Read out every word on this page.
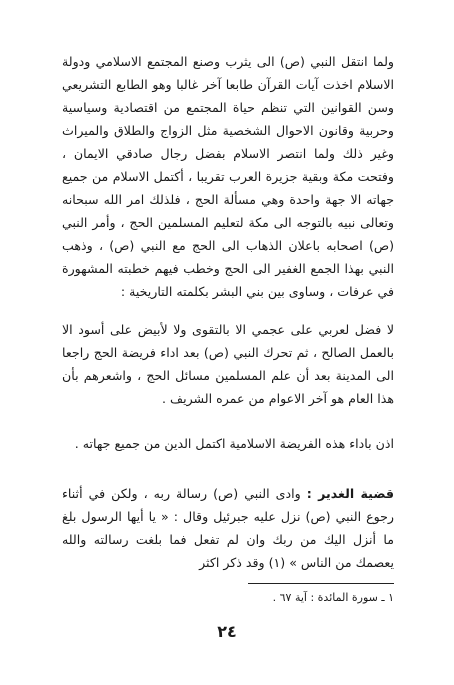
ولما انتقل النبي (ص) الى يثرب وصنع المجتمع الاسلامي ودولة الاسلام اخذت آيات القرآن طابعا آخر غالبا وهو الطابع التشريعي وسن القوانين التي تنظم حياة المجتمع من اقتصادية وسياسية وحربية وقانون الاحوال الشخصية مثل الزواج والطلاق والميراث وغير ذلك ولما انتصر الاسلام بفضل رجال صادقي الايمان ، وفتحت مكة وبقية جزيرة العرب تقريبا ، أكتمل الاسلام من جميع جهاته الا جهة واحدة وهي مسألة الحج ، فلذلك امر الله سبحانه وتعالى نبيه بالتوجه الى مكة لتعليم المسلمين الحج ، وأمر النبي (ص) اصحابه باعلان الذهاب الى الحج مع النبي (ص) ، وذهب النبي بهذا الجمع الغفير الى الحج وخطب فيهم خطبته المشهورة في عرفات ، وساوى بين بني البشر بكلمته التاريخية :

لا فضل لعربي على عجمي الا بالتقوى ولا لأبيض على أسود الا بالعمل الصالح ، ثم تحرك النبي (ص) بعد اداء فريضة الحج راجعا الى المدينة بعد أن علم المسلمين مسائل الحج ، واشعرهم بأن هذا العام هو آخر الاعوام من عمره الشريف .

اذن باداء هذه الفريضة الاسلامية اكتمل الدين من جميع جهاته .

قضية الغدير : وادى النبي (ص) رسالة ربه ، ولكن في أثناء رجوع النبي (ص) نزل عليه جبرئيل وقال : « يا أيها الرسول بلغ ما أنزل اليك من ربك وان لم تفعل فما بلغت رسالته والله يعصمك من الناس » (١) وقد ذكر اكثر

١ ـ سورة المائدة : آية ٦٧ .
٢٤
